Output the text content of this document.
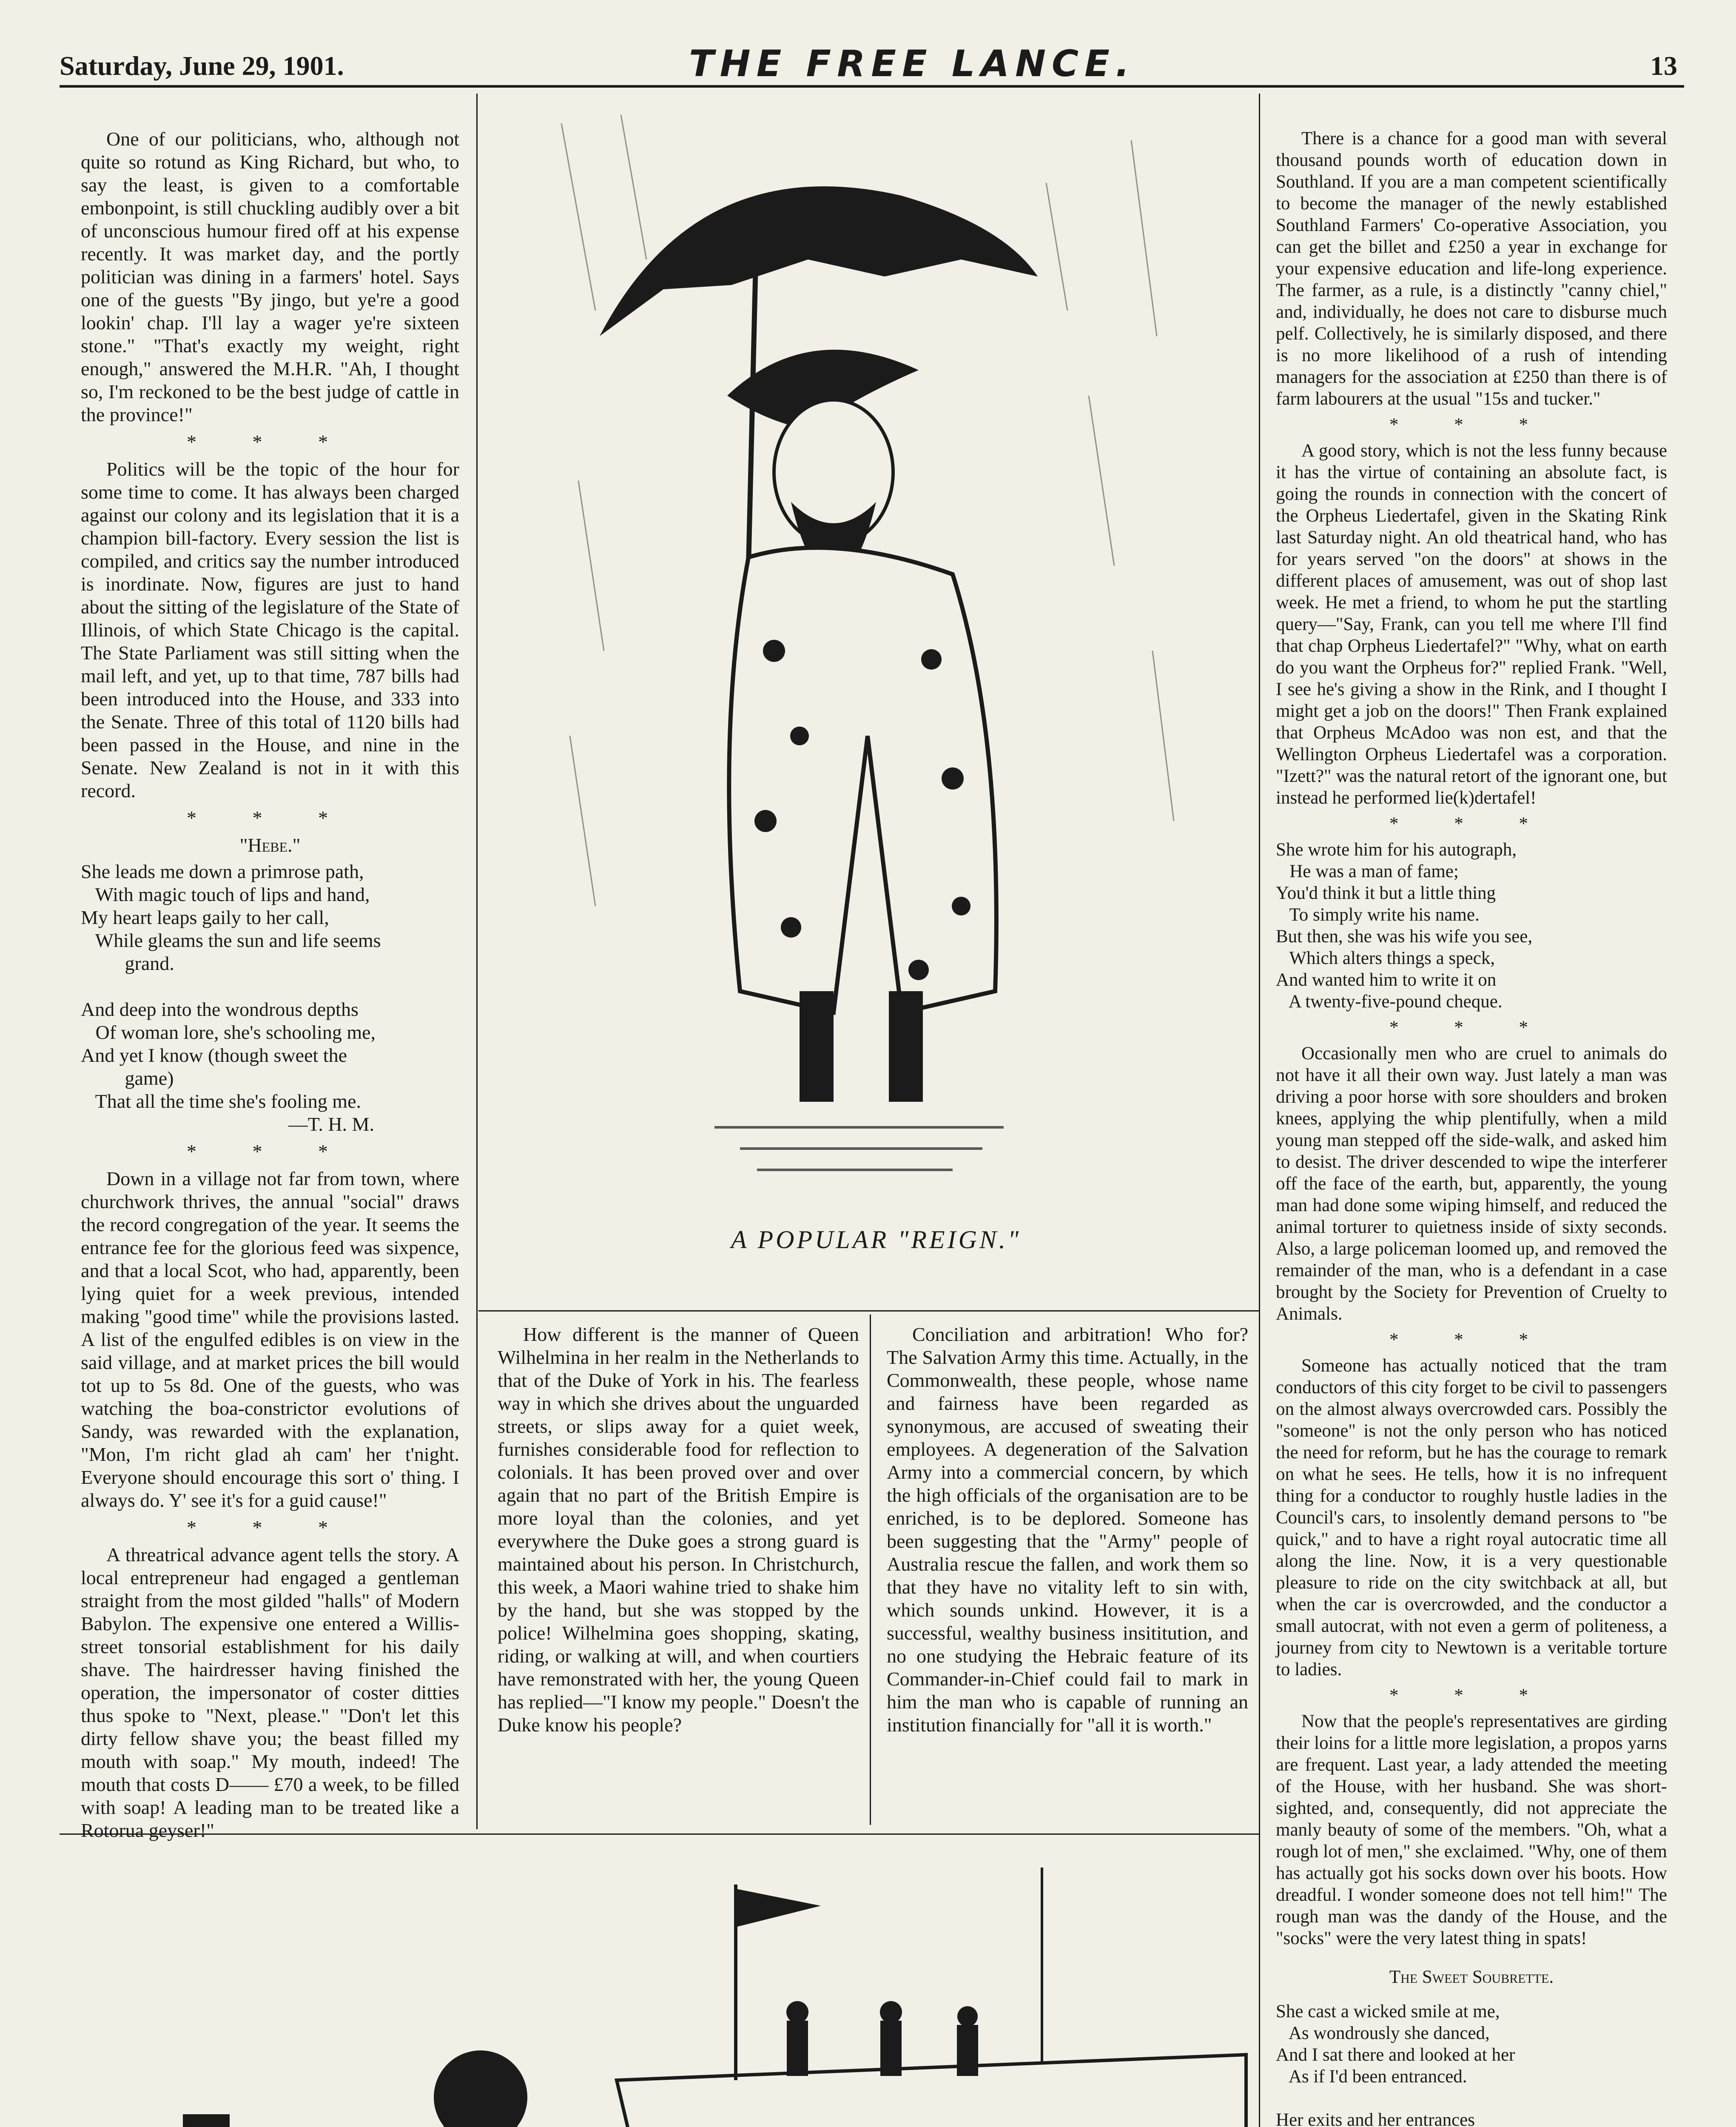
Saturday, June 29, 1901.	THE FREE LANCE.	13

One of our politicians, who, although not quite so rotund as King Richard, but who, to say the least, is given to a comfortable embonpoint, is still chuckling audibly over a bit of unconscious humour fired off at his expense recently. It was market day, and the portly politician was dining in a farmers' hotel. Says one of the guests "By jingo, but ye're a good lookin' chap. I'll lay a wager ye're sixteen stone." "That's exactly my weight, right enough," answered the M.H.R. "Ah, I thought so, I'm reckoned to be the best judge of cattle in the province!"

* * *

Politics will be the topic of the hour for some time to come. It has always been charged against our colony and its legislation that it is a champion bill-factory. Every session the list is compiled, and critics say the number introduced is inordinate. Now, figures are just to hand about the sitting of the legislature of the State of Illinois, of which State Chicago is the capital. The State Parliament was still sitting when the mail left, and yet, up to that time, 787 bills had been introduced into the House, and 333 into the Senate. Three of this total of 1120 bills had been passed in the House, and nine in the Senate. New Zealand is not in it with this record.

* * *
"Hebe."
She leads me down a primrose path,
With magic touch of lips and hand,
My heart leaps gaily to her call,
While gleams the sun and life seems
grand.

And deep into the wondrous depths
Of woman lore, she's schooling me,
And yet I know (though sweet the
game)
That all the time she's fooling me.
—T. H. M.
* * *

Down in a village not far from town, where churchwork thrives, the annual "social" draws the record congregation of the year. It seems the entrance fee for the glorious feed was sixpence, and that a local Scot, who had, apparently, been lying quiet for a week previous, intended making "good time" while the provisions lasted. A list of the engulfed edibles is on view in the said village, and at market prices the bill would tot up to 5s 8d. One of the guests, who was watching the boa-constrictor evolutions of Sandy, was rewarded with the explanation, "Mon, I'm richt glad ah cam' her t'night. Everyone should encourage this sort o' thing. I always do. Y' see it's for a guid cause!"

* * *

A threatrical advance agent tells the story. A local entrepreneur had engaged a gentleman straight from the most gilded "halls" of Modern Babylon. The expensive one entered a Willis-street tonsorial establishment for his daily shave. The hairdresser having finished the operation, the impersonator of coster ditties thus spoke to "Next, please." "Don't let this dirty fellow shave you; the beast filled my mouth with soap." My mouth, indeed! The mouth that costs D—— £70 a week, to be filled with soap! A leading man to be treated like a Rotorua geyser!"

A POPULAR "REIGN."

How different is the manner of Queen Wilhelmina in her realm in the Netherlands to that of the Duke of York in his. The fearless way in which she drives about the unguarded streets, or slips away for a quiet week, furnishes considerable food for reflection to colonials. It has been proved over and over again that no part of the British Empire is more loyal than the colonies, and yet everywhere the Duke goes a strong guard is maintained about his person. In Christchurch, this week, a Maori wahine tried to shake him by the hand, but she was stopped by the police! Wilhelmina goes shopping, skating, riding, or walking at will, and when courtiers have remonstrated with her, the young Queen has replied—"I know my people." Doesn't the Duke know his people?

Conciliation and arbitration! Who for? The Salvation Army this time. Actually, in the Commonwealth, these people, whose name and fairness have been regarded as synonymous, are accused of sweating their employees. A degeneration of the Salvation Army into a commercial concern, by which the high officials of the organisation are to be enriched, is to be deplored. Someone has been suggesting that the "Army" people of Australia rescue the fallen, and work them so that they have no vitality left to sin with, which sounds unkind. However, it is a successful, wealthy business insititution, and no one studying the Hebraic feature of its Commander-in-Chief could fail to mark in him the man who is capable of running an institution financially for "all it is worth."

There is a chance for a good man with several thousand pounds worth of education down in Southland. If you are a man competent scientifically to become the manager of the newly established Southland Farmers' Co-operative Association, you can get the billet and £250 a year in exchange for your expensive education and life-long experience. The farmer, as a rule, is a distinctly "canny chiel," and, individually, he does not care to disburse much pelf. Collectively, he is similarly disposed, and there is no more likelihood of a rush of intending managers for the association at £250 than there is of farm labourers at the usual "15s and tucker."

* * *

A good story, which is not the less funny because it has the virtue of containing an absolute fact, is going the rounds in connection with the concert of the Orpheus Liedertafel, given in the Skating Rink last Saturday night. An old theatrical hand, who has for years served "on the doors" at shows in the different places of amusement, was out of shop last week. He met a friend, to whom he put the startling query—"Say, Frank, can you tell me where I'll find that chap Orpheus Liedertafel?" "Why, what on earth do you want the Orpheus for?" replied Frank. "Well, I see he's giving a show in the Rink, and I thought I might get a job on the doors!" Then Frank explained that Orpheus McAdoo was non est, and that the Wellington Orpheus Liedertafel was a corporation. "Izett?" was the natural retort of the ignorant one, but instead he performed lie(k)dertafel!

* * *
She wrote him for his autograph,
He was a man of fame;
You'd think it but a little thing
To simply write his name.
But then, she was his wife you see,
Which alters things a speck,
And wanted him to write it on
A twenty-five-pound cheque.
* * *

Occasionally men who are cruel to animals do not have it all their own way. Just lately a man was driving a poor horse with sore shoulders and broken knees, applying the whip plentifully, when a mild young man stepped off the side-walk, and asked him to desist. The driver descended to wipe the interferer off the face of the earth, but, apparently, the young man had done some wiping himself, and reduced the animal torturer to quietness inside of sixty seconds. Also, a large policeman loomed up, and removed the remainder of the man, who is a defendant in a case brought by the Society for Prevention of Cruelty to Animals.

* * *

Someone has actually noticed that the tram conductors of this city forget to be civil to passengers on the almost always overcrowded cars. Possibly the "someone" is not the only person who has noticed the need for reform, but he has the courage to remark on what he sees. He tells, how it is no infrequent thing for a conductor to roughly hustle ladies in the Council's cars, to insolently demand persons to "be quick," and to have a right royal autocratic time all along the line. Now, it is a very questionable pleasure to ride on the city switchback at all, but when the car is overcrowded, and the conductor a small autocrat, with not even a germ of politeness, a journey from city to Newtown is a veritable torture to ladies.

* * *

Now that the people's representatives are girding their loins for a little more legislation, a propos yarns are frequent. Last year, a lady attended the meeting of the House, with her husband. She was short-sighted, and, consequently, did not appreciate the manly beauty of some of the members. "Oh, what a rough lot of men," she exclaimed. "Why, one of them has actually got his socks down over his boots. How dreadful. I wonder someone does not tell him!" The rough man was the dandy of the House, and the "socks" were the very latest thing in spats!

The Sweet Soubrette.
She cast a wicked smile at me,
As wondrously she danced,
And I sat there and looked at her
As if I'd been entranced.

Her exits and her entrances
